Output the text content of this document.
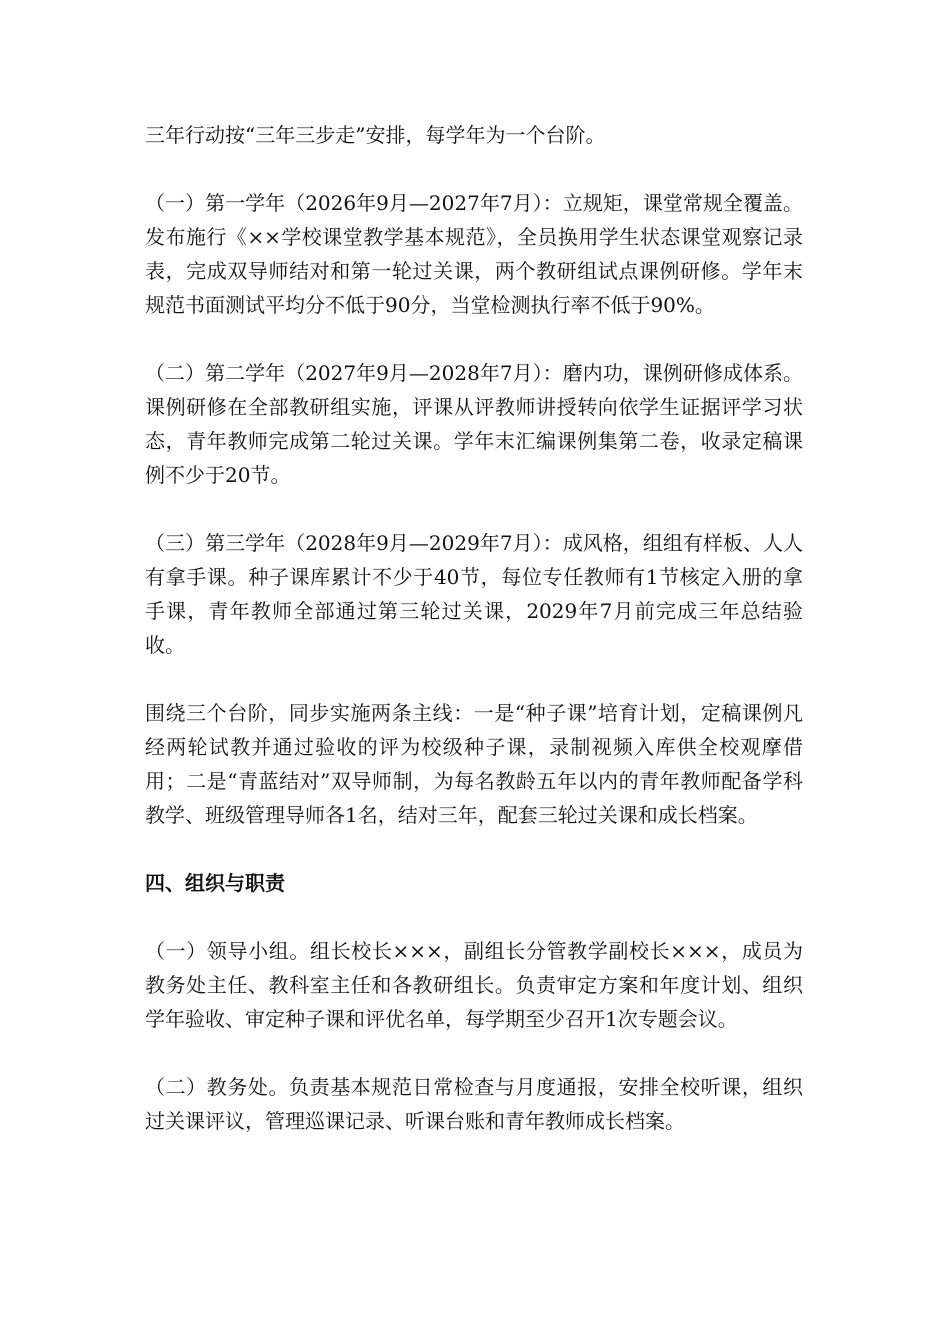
三年行动按“三年三步走”安排，每学年为一个台阶。

（一）第一学年（2026年9月—2027年7月）：立规矩，课堂常规全覆盖。发布施行《××学校课堂教学基本规范》，全员换用学生状态课堂观察记录表，完成双导师结对和第一轮过关课，两个教研组试点课例研修。学年末规范书面测试平均分不低于90分，当堂检测执行率不低于90%。

（二）第二学年（2027年9月—2028年7月）：磨内功，课例研修成体系。课例研修在全部教研组实施，评课从评教师讲授转向依学生证据评学习状态，青年教师完成第二轮过关课。学年末汇编课例集第二卷，收录定稿课例不少于20节。

（三）第三学年（2028年9月—2029年7月）：成风格，组组有样板、人人有拿手课。种子课库累计不少于40节，每位专任教师有1节核定入册的拿手课，青年教师全部通过第三轮过关课，2029年7月前完成三年总结验收。

围绕三个台阶，同步实施两条主线：一是“种子课”培育计划，定稿课例凡经两轮试教并通过验收的评为校级种子课，录制视频入库供全校观摩借用；二是“青蓝结对”双导师制，为每名教龄五年以内的青年教师配备学科教学、班级管理导师各1名，结对三年，配套三轮过关课和成长档案。

四、组织与职责

（一）领导小组。组长校长×××，副组长分管教学副校长×××，成员为教务处主任、教科室主任和各教研组长。负责审定方案和年度计划、组织学年验收、审定种子课和评优名单，每学期至少召开1次专题会议。

（二）教务处。负责基本规范日常检查与月度通报，安排全校听课，组织过关课评议，管理巡课记录、听课台账和青年教师成长档案。
